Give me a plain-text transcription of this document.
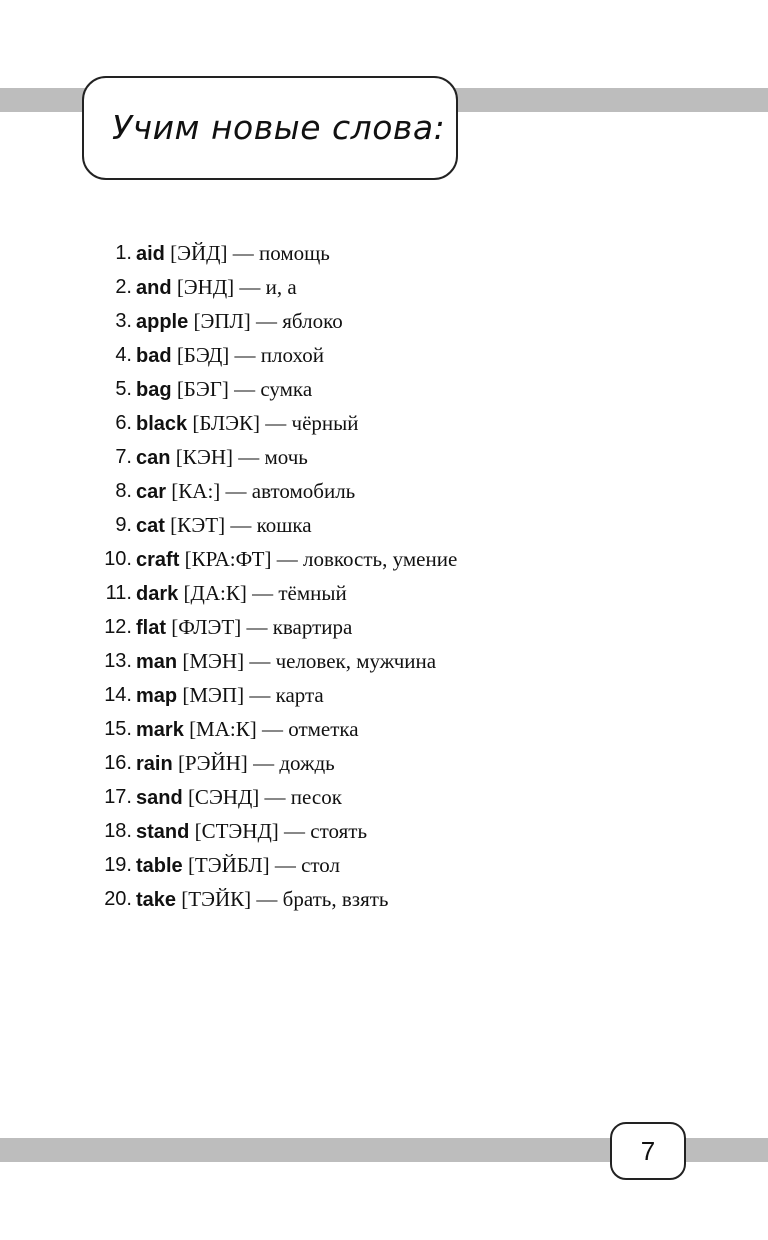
Учим новые слова:
1. aid [ЭЙД] — помощь
2. and [ЭНД] — и, а
3. apple [ЭПЛ] — яблоко
4. bad [БЭД] — плохой
5. bag [БЭГ] — сумка
6. black [БЛЭК] — чёрный
7. can [КЭН] — мочь
8. car [КА:] — автомобиль
9. cat [КЭТ] — кошка
10. craft [КРА:ФТ] — ловкость, умение
11. dark [ДА:К] — тёмный
12. flat [ФЛЭТ] — квартира
13. man [МЭН] — человек, мужчина
14. map [МЭП] — карта
15. mark [МА:К] — отметка
16. rain [РЭЙН] — дождь
17. sand [СЭНД] — песок
18. stand [СТЭНД] — стоять
19. table [ТЭЙБЛ] — стол
20. take [ТЭЙК] — брать, взять
7
